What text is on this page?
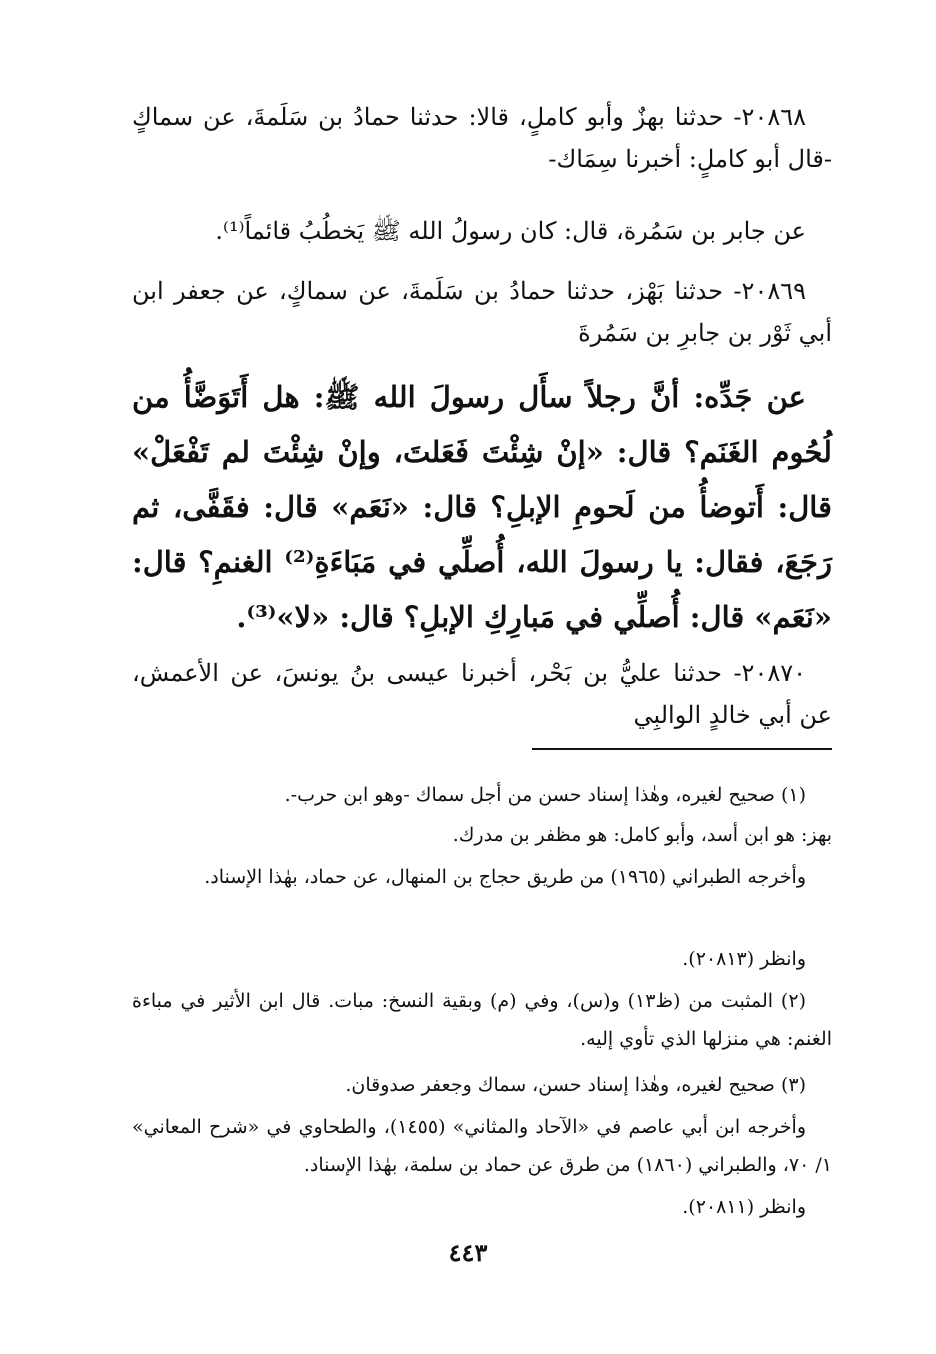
٢٠٨٦٨- حدثنا بهزٌ وأبو كاملٍ، قالا: حدثنا حمادُ بن سَلَمةَ، عن سماكٍ -قال أبو كاملٍ: أخبرنا سِمَاك-

عن جابر بن سَمُرة، قال: كان رسولُ الله ﷺ يَخطُبُ قائماً⁽¹⁾.

٢٠٨٦٩- حدثنا بَهْز، حدثنا حمادُ بن سَلَمةَ، عن سماكٍ، عن جعفر ابن أبي ثَوْر بن جابرِ بن سَمُرةَ

عن جَدِّه: أنَّ رجلاً سأَل رسولَ الله ﷺ: هل أَتَوَضَّأُ من لُحُوم الغَنَم؟ قال: «إنْ شِئْتَ فَعَلتَ، وإنْ شِئْتَ لم تَفْعَلْ» قال: أَتوضأُ من لَحومِ الإبلِ؟ قال: «نَعَم» قال: فقَفَّى، ثم رَجَعَ، فقال: يا رسولَ الله، أُصلِّي في مَبَاءَةِ⁽²⁾ الغنمِ؟ قال: «نَعَم» قال: أُصلِّي في مَبارِكِ الإبلِ؟ قال: «لا»⁽³⁾.

٢٠٨٧٠- حدثنا عليُّ بن بَحْر، أخبرنا عيسى بنُ يونسَ، عن الأعمش، عن أبي خالدٍ الوالبِي

(١) صحيح لغيره، وهٰذا إسناد حسن من أجل سماك -وهو ابن حرب-.

بهز: هو ابن أسد، وأبو كامل: هو مظفر بن مدرك.

وأخرجه الطبراني (١٩٦٥) من طريق حجاج بن المنهال، عن حماد، بهٰذا الإسناد.

وانظر (٢٠٨١٣).

(٢) المثبت من (ظ١٣) و(س)، وفي (م) وبقية النسخ: مبات. قال ابن الأثير في مباءة الغنم: هي منزلها الذي تأوي إليه.

(٣) صحيح لغيره، وهٰذا إسناد حسن، سماك وجعفر صدوقان.

وأخرجه ابن أبي عاصم في «الآحاد والمثاني» (١٤٥٥)، والطحاوي في «شرح المعاني» ١/ ٧٠، والطبراني (١٨٦٠) من طرق عن حماد بن سلمة، بهٰذا الإسناد.

وانظر (٢٠٨١١).

٤٤٣
